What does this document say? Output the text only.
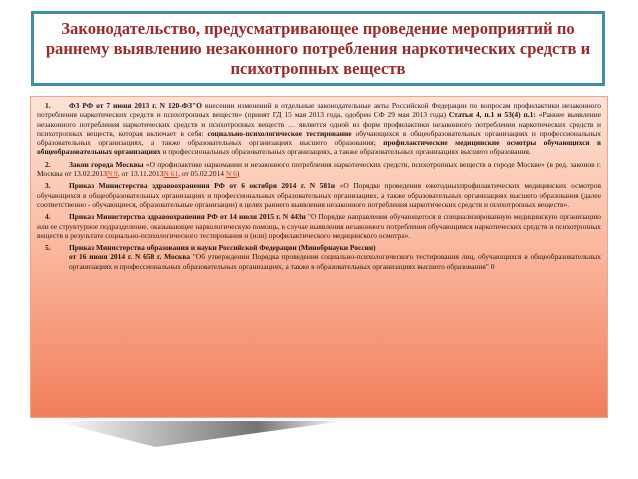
Законодательство, предусматривающее проведение мероприятий по раннему выявлению незаконного потребления наркотических средств и психотропных веществ
1. ФЗ РФ от 7 июня 2013 г. N 120-ФЗ"О внесении изменений в отдельные законодательные акты Российской Федерации по вопросам профилактики незаконного потребления наркотических средств и психотропных веществ» (принят ГД 15 мая 2013 года, одобрен СФ 29 мая 2013 года) Статья 4, п.1 и 53(4) п.1: «Раннее выявление незаконного потребления наркотических средств и психотропных веществ … является одной из форм профилактики незаконного потребления наркотических средств и психотропных веществ, которая включает в себя: социально-психологическое тестирование обучающихся в общеобразовательных организациях и профессиональных образовательных организациях, а также образовательных организациях высшего образования; профилактические медицинские осмотры обучающихся в общеобразовательных организациях и профессиональных образовательных организациях, а также образовательных организациях высшего образования.
2. Закон города Москвы «О профилактике наркомании и незаконного потребления наркотических средств, психотропных веществ в городе Москве» (в ред. законов г. Москвы от 13.02.2013N 9, от 13.11.2013N 61, от 05.02.2014 N 6)
3. Приказ Министерства здравоохранения РФ от 6 октября 2014 г. N 581н «О Порядке проведения ежегодныхпрофилактических медицинских осмотров обучающихся в общеобразовательных организациях и профессиональных образовательных организациях, а также образовательных организациях высшего образования (далее соответственно - обучающиеся, образовательные организации) в целях раннего выявления незаконного потребления наркотических средств и психотропных веществ».
4. Приказ Министерства здравоохранения РФ от 14 июля 2015 г. N 443н "О Порядке направления обучающегося в специализированную медицинскую организацию или ее структурное подразделение, оказывающее наркологическую помощь, в случае выявления незаконного потребления обучающимся наркотических средств и психотропных веществ в результате социально-психологического тестирования и (или) профилактического медицинского осмотра».
5. Приказ Министерства образования и науки Российской Федерации (Минобрнауки России)
от 16 июня 2014 г. N 658 г. Москва "Об утверждении Порядка проведения социально-психологического тестирования лиц, обучающихся в общеобразовательных организациях и профессиональных образовательных организациях, а также в образовательных организациях высшего образования" 0
